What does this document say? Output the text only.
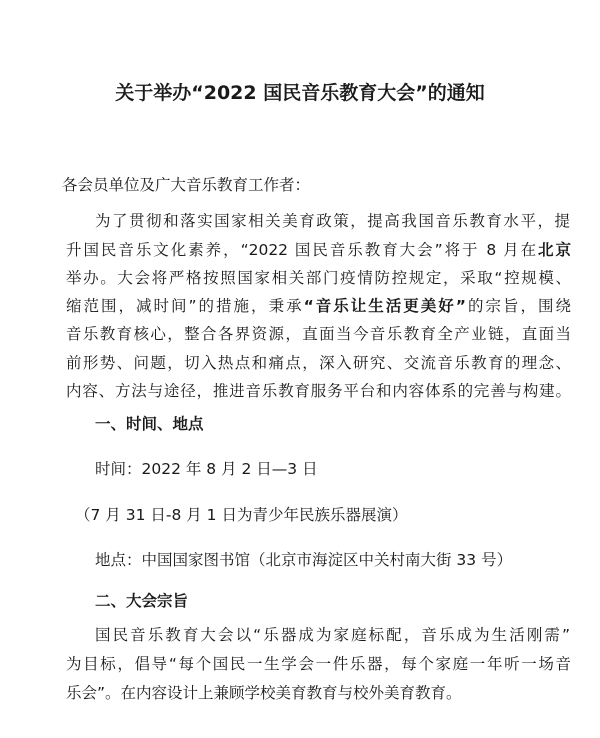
关于举办“2022 国民音乐教育大会”的通知
各会员单位及广大音乐教育工作者：
为了贯彻和落实国家相关美育政策，提高我国音乐教育水平，提
升国民音乐文化素养，“2022 国民音乐教育大会”将于 8 月在北京
举办。大会将严格按照国家相关部门疫情防控规定，采取“控规模、
缩范围，减时间”的措施，秉承“音乐让生活更美好”的宗旨，围绕
音乐教育核心，整合各界资源，直面当今音乐教育全产业链，直面当
前形势、问题，切入热点和痛点，深入研究、交流音乐教育的理念、
内容、方法与途径，推进音乐教育服务平台和内容体系的完善与构建。
一、时间、地点
时间：2022 年 8 月 2 日—3 日
（7 月 31 日-8 月 1 日为青少年民族乐器展演）
地点：中国国家图书馆（北京市海淀区中关村南大街 33 号）
二、大会宗旨
国民音乐教育大会以“乐器成为家庭标配，音乐成为生活刚需”
为目标，倡导“每个国民一生学会一件乐器，每个家庭一年听一场音
乐会”。在内容设计上兼顾学校美育教育与校外美育教育。
